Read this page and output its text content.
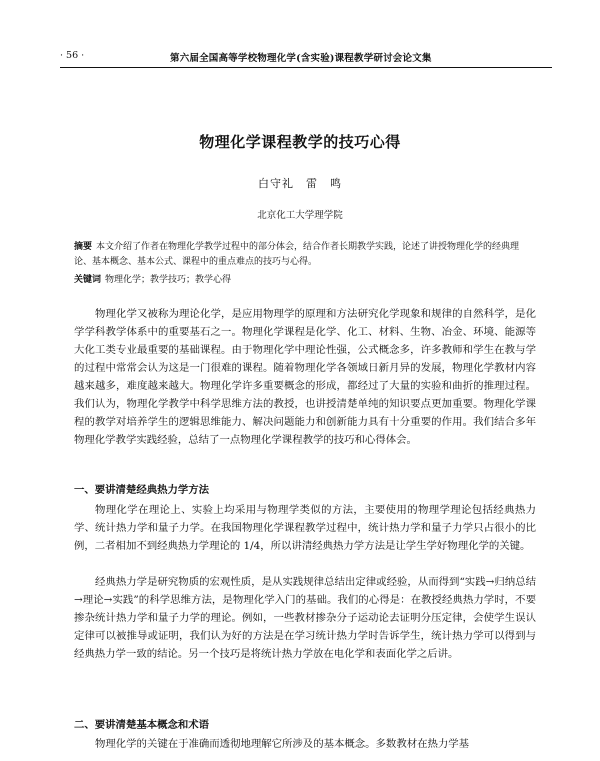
· 56 ·	第六届全国高等学校物理化学(含实验)课程教学研讨会论文集
物理化学课程教学的技巧心得
白守礼　雷　鸣
北京化工大学理学院
摘要 本文介绍了作者在物理化学教学过程中的部分体会，结合作者长期教学实践，论述了讲授物理化学的经典理论、基本概念、基本公式、课程中的重点难点的技巧与心得。
关键词 物理化学；教学技巧；教学心得

物理化学又被称为理论化学，是应用物理学的原理和方法研究化学现象和规律的自然科学，是化学学科教学体系中的重要基石之一。物理化学课程是化学、化工、材料、生物、冶金、环境、能源等大化工类专业最重要的基础课程。由于物理化学中理论性强，公式概念多，许多教师和学生在教与学的过程中常常会认为这是一门很难的课程。随着物理化学各领域日新月异的发展，物理化学教材内容越来越多，难度越来越大。物理化学许多重要概念的形成，都经过了大量的实验和曲折的推理过程。我们认为，物理化学教学中科学思维方法的教授，也讲授清楚单纯的知识要点更加重要。物理化学课程的教学对培养学生的逻辑思维能力、解决问题能力和创新能力具有十分重要的作用。我们结合多年物理化学教学实践经验，总结了一点物理化学课程教学的技巧和心得体会。

一、要讲清楚经典热力学方法

物理化学在理论上、实验上均采用与物理学类似的方法，主要使用的物理学理论包括经典热力学、统计热力学和量子力学。在我国物理化学课程教学过程中，统计热力学和量子力学只占很小的比例，二者相加不到经典热力学理论的 1/4，所以讲清经典热力学方法是让学生学好物理化学的关键。

经典热力学是研究物质的宏观性质，是从实践规律总结出定律或经验，从而得到“实践→归纳总结→理论→实践”的科学思维方法，是物理化学入门的基础。我们的心得是：在教授经典热力学时，不要掺杂统计热力学和量子力学的理论。例如，一些教材掺杂分子运动论去证明分压定律，会使学生误认定律可以被推导或证明，我们认为好的方法是在学习统计热力学时告诉学生，统计热力学可以得到与经典热力学一致的结论。另一个技巧是将统计热力学放在电化学和表面化学之后讲。

二、要讲清楚基本概念和术语

物理化学的关键在于准确而透彻地理解它所涉及的基本概念。多数教材在热力学基
